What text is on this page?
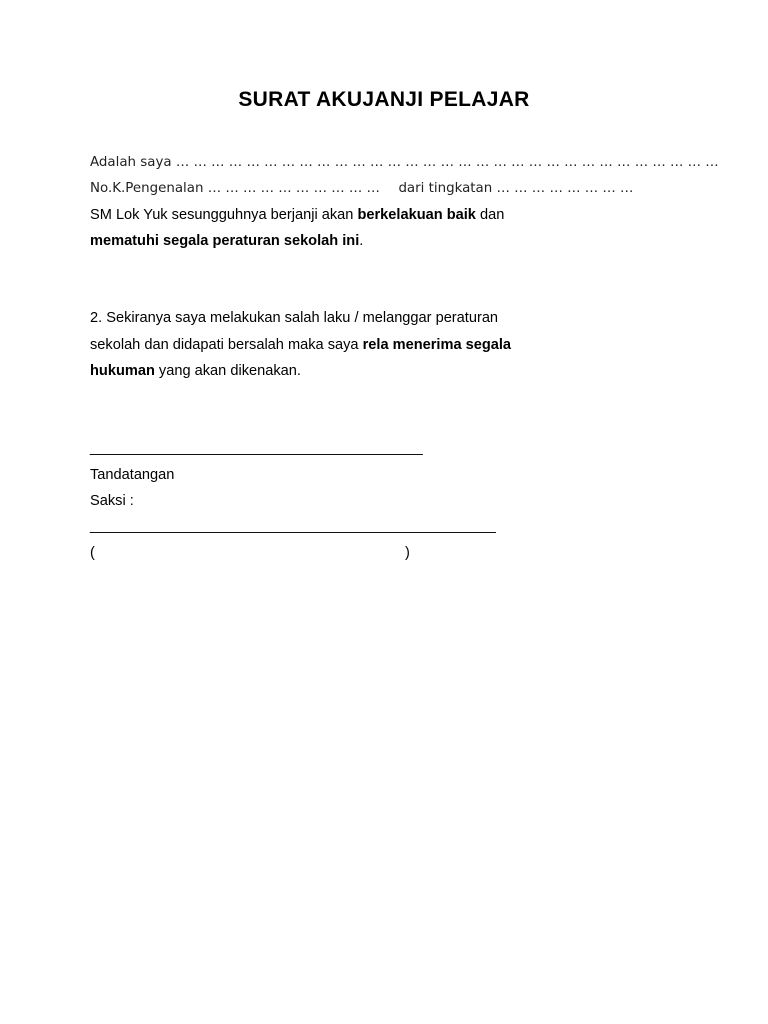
SURAT AKUJANJI PELAJAR
Adalah saya … … … … … … … … … … … … … … … … … … … … … … … … … … … … … … …
No.K.Pengenalan … … … … … … … … … … dari tingkatan … … … … … … … …
SM Lok Yuk sesungguhnya berjanji akan berkelakuan baik dan
mematuhi segala peraturan sekolah ini.
2. Sekiranya saya melakukan salah laku / melanggar peraturan
sekolah dan didapati bersalah maka saya rela menerima segala
hukuman yang akan dikenakan.
_________________________________________
Tandatangan
Saksi :
__________________________________________________
(	)
